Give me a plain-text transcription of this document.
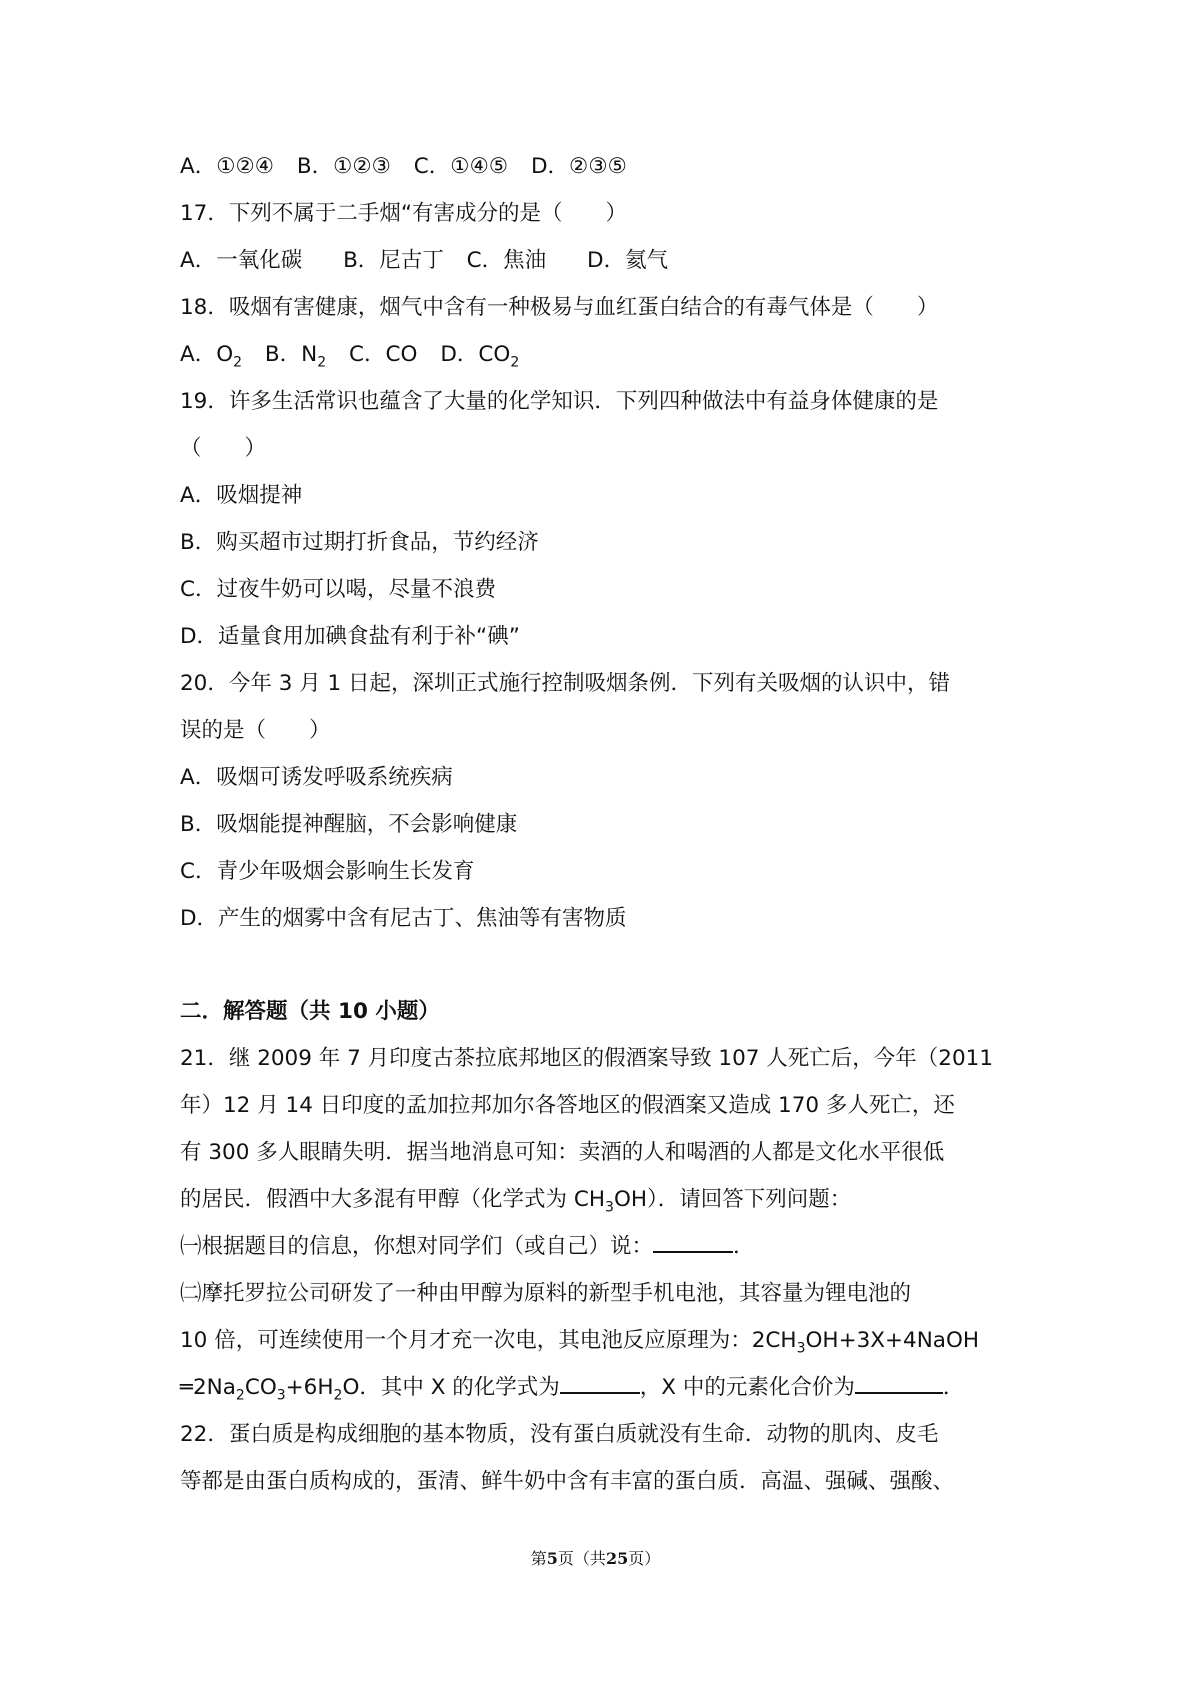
A．①②④ B．①②③ C．①④⑤ D．②③⑤
17．下列不属于二手烟“有害成分的是（　　）
A．一氧化碳 B．尼古丁 C．焦油 D．氦气
18．吸烟有害健康，烟气中含有一种极易与血红蛋白结合的有毒气体是（　　）
A．$O_2$ B．$N_2$ C．CO D．$CO_2$
19．许多生活常识也蕴含了大量的化学知识．下列四种做法中有益身体健康的是
（　　）
A．吸烟提神
B．购买超市过期打折食品，节约经济
C．过夜牛奶可以喝，尽量不浪费
D．适量食用加碘食盐有利于补“碘”
20．今年 3 月 1 日起，深圳正式施行控制吸烟条例．下列有关吸烟的认识中，错
误的是（　　）
A．吸烟可诱发呼吸系统疾病
B．吸烟能提神醒脑，不会影响健康
C．青少年吸烟会影响生长发育
D．产生的烟雾中含有尼古丁、焦油等有害物质
二．解答题（共 10 小题）
21．继 2009 年 7 月印度古茶拉底邦地区的假酒案导致 107 人死亡后，今年（2011
年）12 月 14 日印度的孟加拉邦加尔各答地区的假酒案又造成 170 多人死亡，还
有 300 多人眼睛失明．据当地消息可知：卖酒的人和喝酒的人都是文化水平很低
的居民．假酒中大多混有甲醇（化学式为 $CH_3OH$）．请回答下列问题：
㈠根据题目的信息，你想对同学们（或自己）说：	．
㈡摩托罗拉公司研发了一种由甲醇为原料的新型手机电池，其容量为锂电池的
10 倍，可连续使用一个月才充一次电，其电池反应原理为：$2CH_3OH+3X+4NaOH$
$═2Na_2CO_3+6H_2O$．其中 X 的化学式为	，X 中的元素化合价为	．
22．蛋白质是构成细胞的基本物质，没有蛋白质就没有生命．动物的肌肉、皮毛
等都是由蛋白质构成的，蛋清、鲜牛奶中含有丰富的蛋白质．高温、强碱、强酸、
第5页（共25页）
